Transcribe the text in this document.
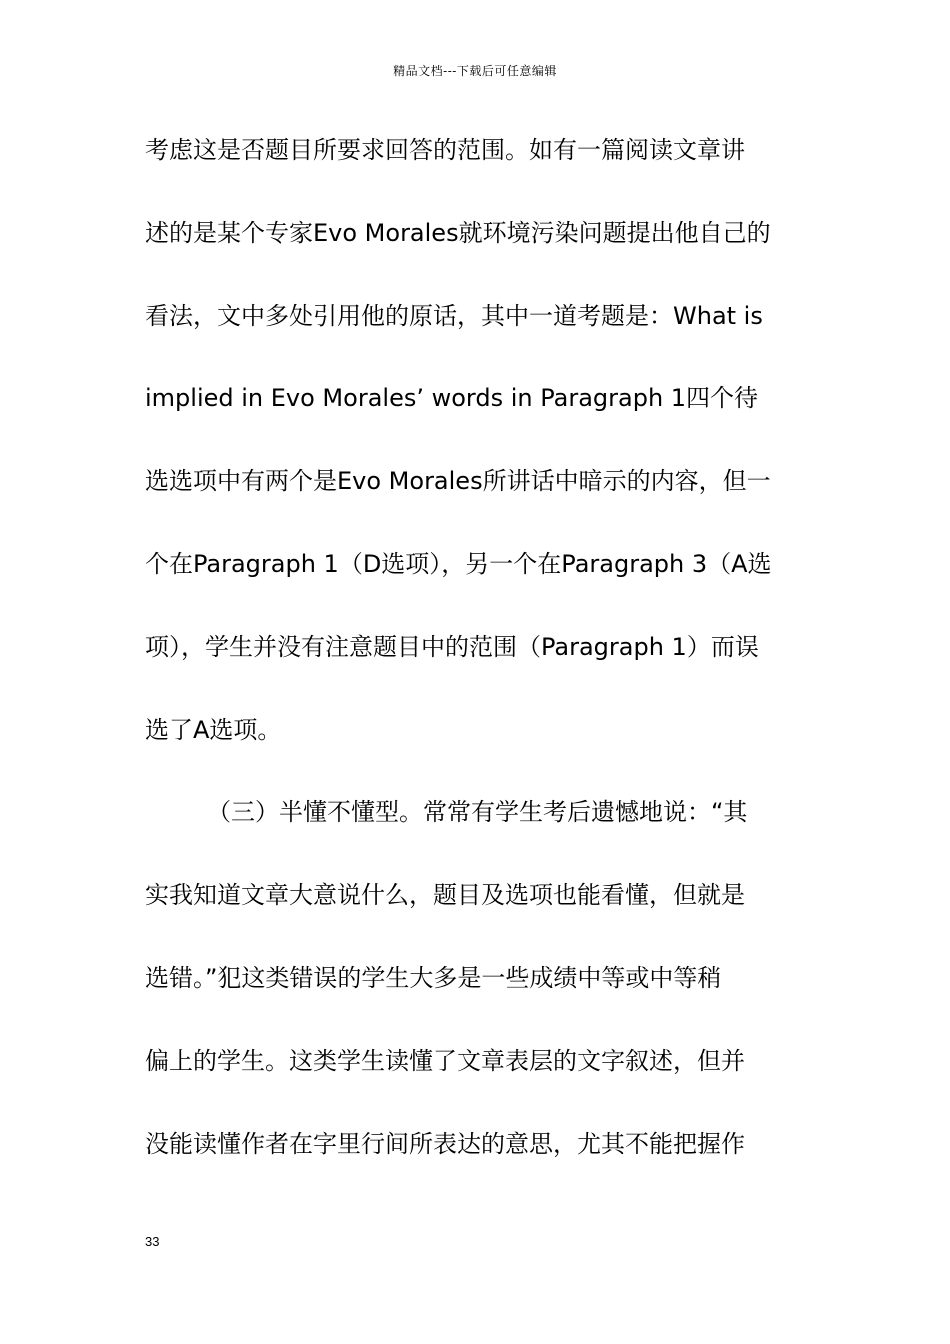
精品文档---下载后可任意编辑
考虑这是否题目所要求回答的范围。如有一篇阅读文章讲
述的是某个专家Evo Morales就环境污染问题提出他自己的
看法，文中多处引用他的原话，其中一道考题是：What is
implied in Evo Morales’ words in Paragraph 1四个待
选选项中有两个是Evo Morales所讲话中暗示的内容，但一
个在Paragraph 1（D选项），另一个在Paragraph 3（A选
项），学生并没有注意题目中的范围（Paragraph 1）而误
选了A选项。
（三）半懂不懂型。常常有学生考后遗憾地说：“其
实我知道文章大意说什么，题目及选项也能看懂，但就是
选错。”犯这类错误的学生大多是一些成绩中等或中等稍
偏上的学生。这类学生读懂了文章表层的文字叙述，但并
没能读懂作者在字里行间所表达的意思，尤其不能把握作
33
